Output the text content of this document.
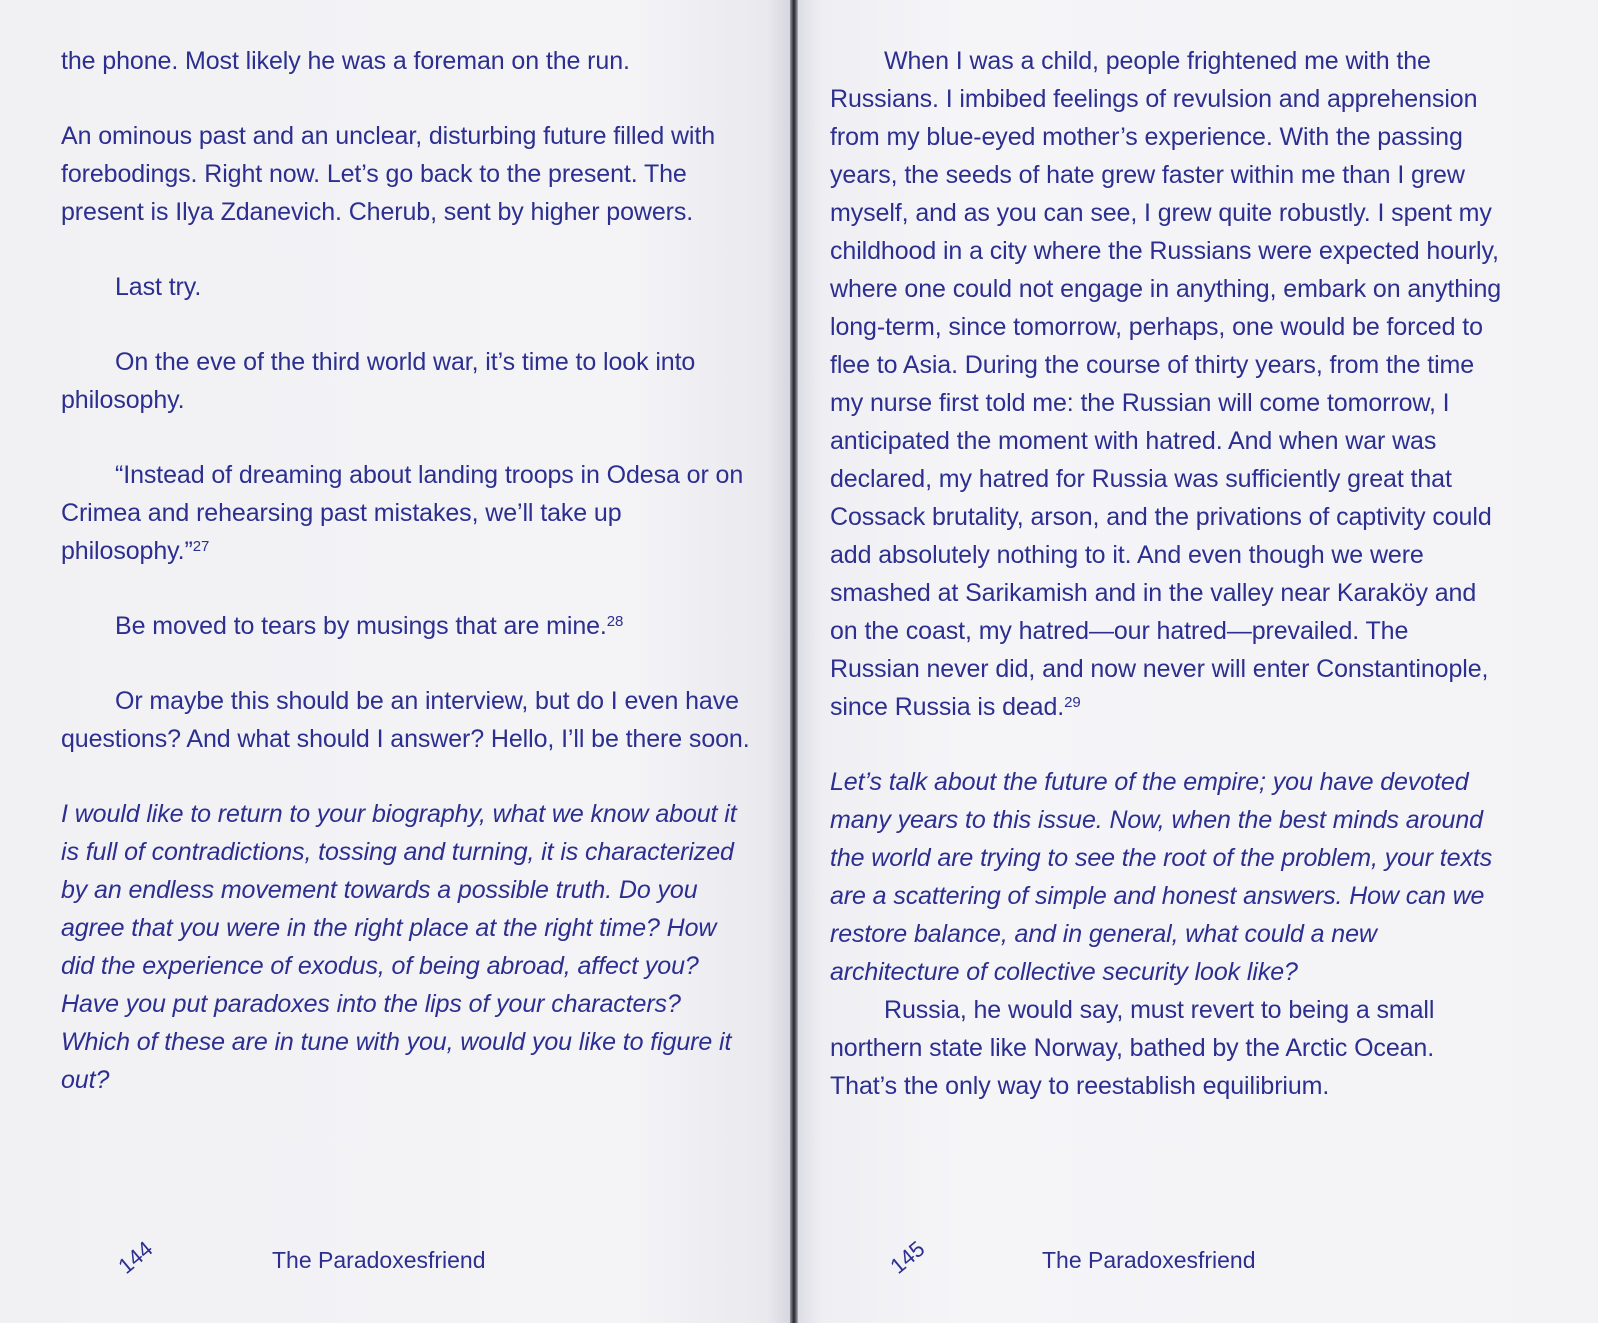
the phone. Most likely he was a foreman on the run.

An ominous past and an unclear, disturbing future filled with forebodings. Right now. Let’s go back to the present. The present is Ilya Zdanevich. Cherub, sent by higher powers.

Last try.

On the eve of the third world war, it’s time to look into philosophy.

“Instead of dreaming about landing troops in Odesa or on Crimea and rehearsing past mistakes, we’ll take up philosophy.”$^{27}$

Be moved to tears by musings that are mine.$^{28}$

Or maybe this should be an interview, but do I even have questions? And what should I answer? Hello, I’ll be there soon.

I would like to return to your biography, what we know about it is full of contradictions, tossing and turning, it is characterized by an endless movement towards a possible truth. Do you agree that you were in the right place at the right time? How did the experience of exodus, of being abroad, affect you? Have you put paradoxes into the lips of your characters? Which of these are in tune with you, would you like to figure it out?

When I was a child, people frightened me with the Russians. I imbibed feelings of revulsion and apprehension from my blue-eyed mother’s experience. With the passing years, the seeds of hate grew faster within me than I grew myself, and as you can see, I grew quite robustly. I spent my childhood in a city where the Russians were expected hourly, where one could not engage in anything, embark on anything long-term, since tomorrow, perhaps, one would be forced to flee to Asia. During the course of thirty years, from the time my nurse first told me: the Russian will come tomorrow, I anticipated the moment with hatred. And when war was declared, my hatred for Russia was sufficiently great that Cossack brutality, arson, and the privations of captivity could add absolutely nothing to it. And even though we were smashed at Sarikamish and in the valley near Karaköy and on the coast, my hatred—our hatred—prevailed. The Russian never did, and now never will enter Constantinople, since Russia is dead.$^{29}$

Let’s talk about the future of the empire; you have devoted many years to this issue. Now, when the best minds around the world are trying to see the root of the problem, your texts are a scattering of simple and honest answers. How can we restore balance, and in general, what could a new architecture of collective security look like?

Russia, he would say, must revert to being a small northern state like Norway, bathed by the Arctic Ocean. That’s the only way to reestablish equilibrium.

144	The Paradoxesfriend	145	The Paradoxesfriend
